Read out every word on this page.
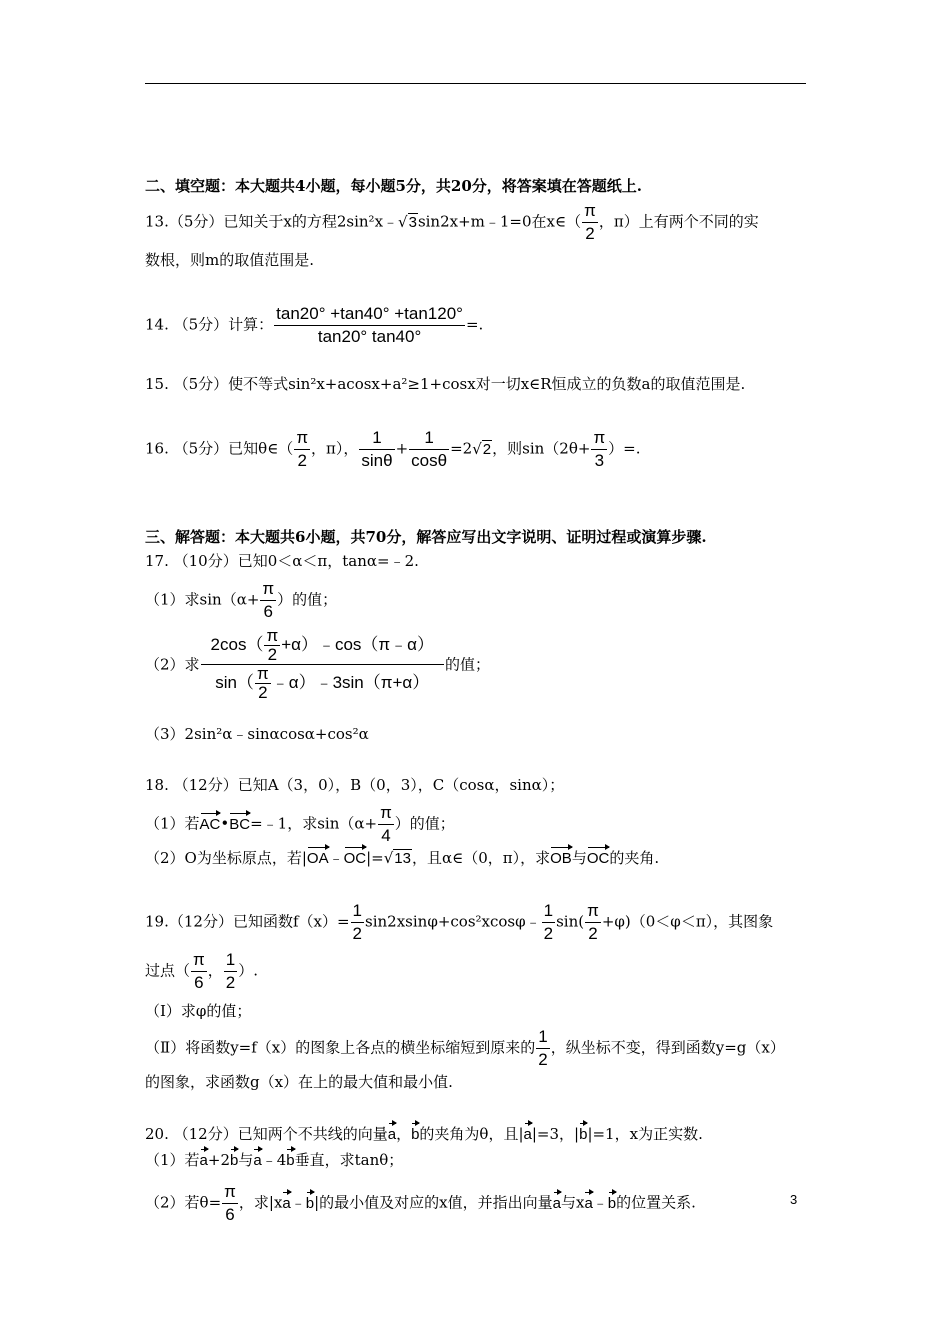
二、填空题：本大题共4小题，每小题5分，共20分，将答案填在答题纸上.
13.（5分）已知关于x的方程2sin²x﹣√3sin2x+m﹣1=0在x∈（ $\frac{\pi}{2}$ ，π）上有两个不同的实
数根，则m的取值范围是.
14. （5分）计算： $\frac{\tan 20^\circ +\tan 40^\circ +\tan 120^\circ}{\tan 20^\circ \tan 40^\circ}$ =.
15. （5分）使不等式sin²x+acosx+a²≥1+cosx对一切x∈R恒成立的负数a的取值范围是.
16. （5分）已知θ∈（ $\frac{\pi}{2}$ ，π）， $\frac{1}{\sin\theta} + \frac{1}{\cos\theta} =2√2$，则$\sin(2\theta+ \frac{\pi}{3}$ ）=.
三、解答题：本大题共6小题，共70分，解答应写出文字说明、证明过程或演算步骤.
17. （10分）已知0＜α＜π，tanα=﹣2.
（1）求$\sin(\alpha+ \frac{\pi}{6}$ ）的值；
（2）求 $\frac{2\cos( \frac{\pi}{2} +\alpha)﹣\cos(\pi﹣\alpha)}{\sin( \frac{\pi}{2} ﹣\alpha)﹣3\sin(\pi+\alpha)}$ 的值；
（3）2sin²α﹣sinαcosα+cos²α
18. （12分）已知A（3，0），B（0，3），C（cosα，sinα）；
（1）若AC•BC=﹣1，求$\sin(\alpha+ \frac{\pi}{4}$ ）的值；
（2）O为坐标原点，若|OA﹣OC|=√13，且α∈（0，π），求OB与OC的夹角.
19.（12分）已知函数$f(x)= \frac{1}{2}$ sin2xsinφ+cos²xcosφ﹣ $\frac{1}{2} \sin( \frac{\pi}{2} +\varphi)(0<\varphi<\pi)$，其图象
过点（ $\frac{\pi}{6}$ ， $\frac{1}{2}$ ）.
（Ⅰ）求φ的值；
（Ⅱ）将函数y=f（x）的图象上各点的横坐标缩短到原来的 $\frac{1}{2}$ ，纵坐标不变，得到函数y=g（x）
的图象，求函数g（x）在上的最大值和最小值.
20. （12分）已知两个不共线的向量a，b的夹角为θ，且|a|=3，|b|=1，x为正实数.
（1）若a+2b与a﹣4b垂直，求tanθ；
（2）若$\theta= \frac{\pi}{6}$ ，求|xa﹣b|的最小值及对应的x值，并指出向量a与xa﹣b的位置关系.	3
